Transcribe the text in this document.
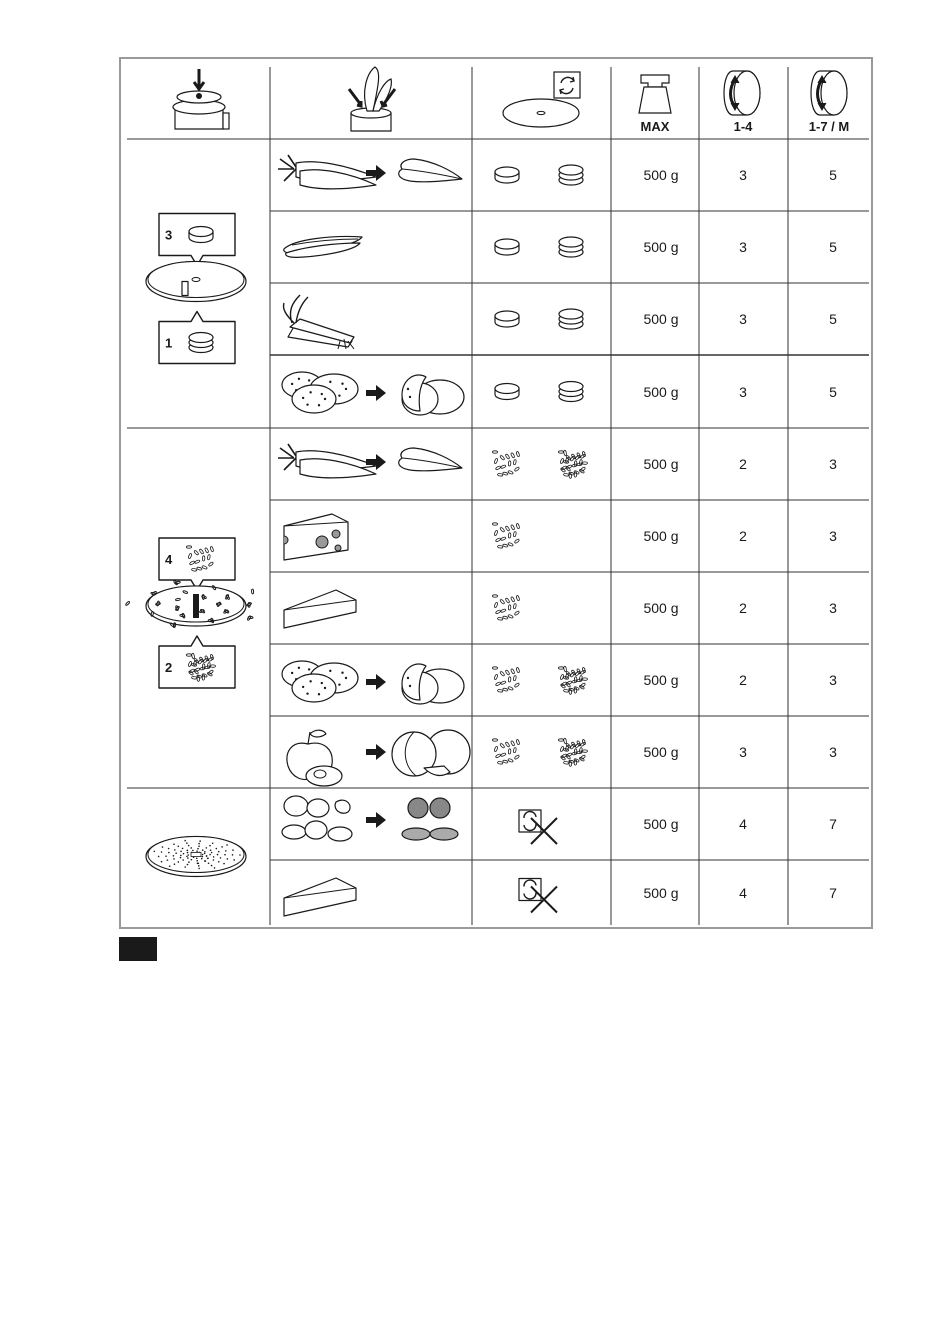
3
1
4
2
MAX	1-4	1-7 / M
500 g	3	5
500 g	3	5
500 g	3	5
500 g	3	5
500 g	2	3
500 g	2	3
500 g	2	3
500 g	2	3
500 g	3	3
500 g	4	7
500 g	4	7
